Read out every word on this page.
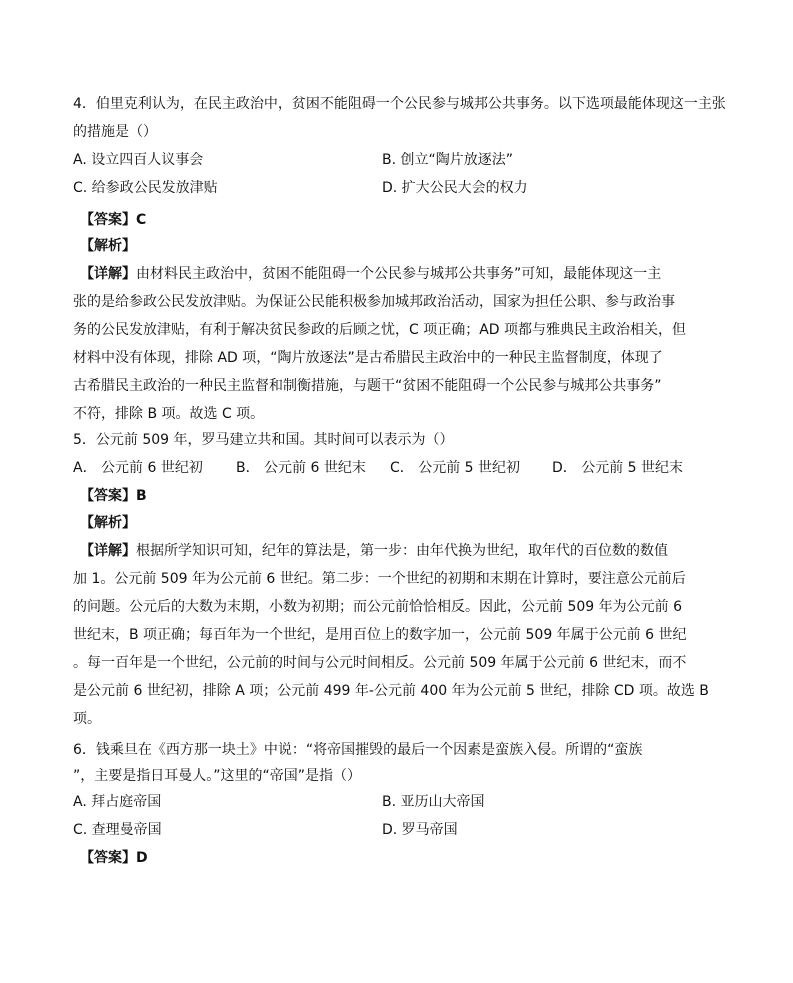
4．伯里克利认为，在民主政治中，贫困不能阻碍一个公民参与城邦公共事务。以下选项最能体现这一主张
的措施是（）
A. 设立四百人议事会	B. 创立“陶片放逐法”
C. 给参政公民发放津贴	D. 扩大公民大会的权力
【答案】C
【解析】
【详解】由材料民主政治中，贫困不能阻碍一个公民参与城邦公共事务”可知，最能体现这一主
张的是给参政公民发放津贴。为保证公民能积极参加城邦政治活动，国家为担任公职、参与政治事
务的公民发放津贴，有利于解决贫民参政的后顾之忧，C 项正确；AD 项都与雅典民主政治相关，但
材料中没有体现，排除 AD 项，“陶片放逐法”是古希腊民主政治中的一种民主监督制度，体现了
古希腊民主政治的一种民主监督和制衡措施，与题干“贫困不能阻碍一个公民参与城邦公共事务”
不符，排除 B 项。故选 C 项。
5．公元前 509 年，罗马建立共和国。其时间可以表示为（）
A． 公元前 6 世纪初 B． 公元前 6 世纪末 C． 公元前 5 世纪初 D． 公元前 5 世纪末
【答案】B
【解析】
【详解】根据所学知识可知，纪年的算法是，第一步：由年代换为世纪，取年代的百位数的数值
加 1。公元前 509 年为公元前 6 世纪。第二步：一个世纪的初期和末期在计算时，要注意公元前后
的问题。公元后的大数为末期，小数为初期；而公元前恰恰相反。因此，公元前 509 年为公元前 6
世纪末，B 项正确；每百年为一个世纪，是用百位上的数字加一，公元前 509 年属于公元前 6 世纪
。每一百年是一个世纪，公元前的时间与公元时间相反。公元前 509 年属于公元前 6 世纪末，而不
是公元前 6 世纪初，排除 A 项；公元前 499 年-公元前 400 年为公元前 5 世纪，排除 CD 项。故选 B
项。
6．钱乘旦在《西方那一块土》中说：“将帝国摧毁的最后一个因素是蛮族入侵。所谓的“蛮族
”，主要是指日耳曼人。”这里的“帝国”是指（）
A. 拜占庭帝国	B. 亚历山大帝国
C. 查理曼帝国	D. 罗马帝国
【答案】D
